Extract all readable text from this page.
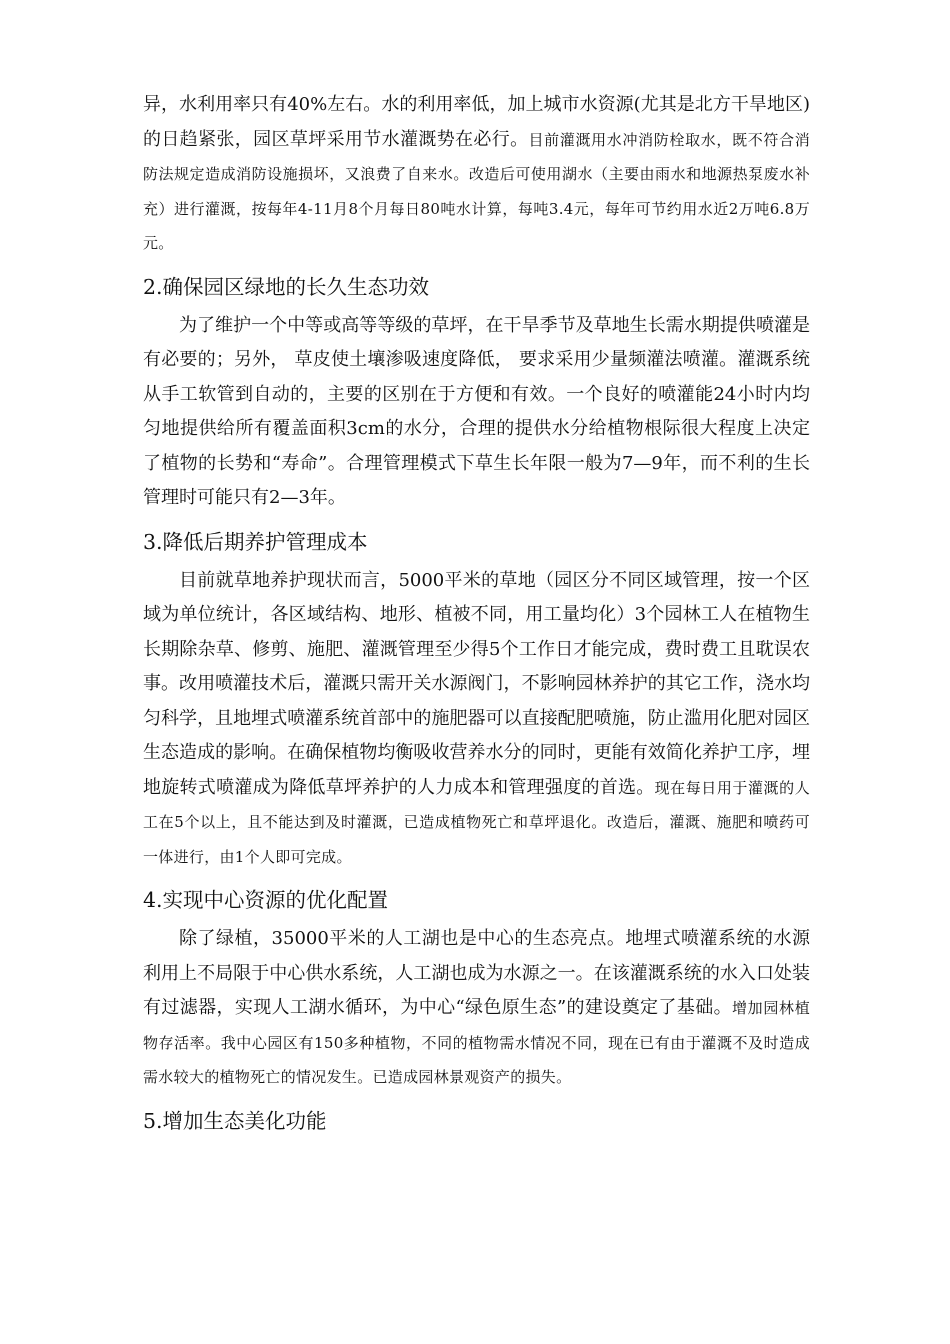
异，水利用率只有40%左右。水的利用率低，加上城市水资源(尤其是北方干旱地区) 的日趋紧张，园区草坪采用节水灌溉势在必行。目前灌溉用水冲消防栓取水，既不符合消防法规定造成消防设施损坏，又浪费了自来水。改造后可使用湖水（主要由雨水和地源热泵废水补充）进行灌溉，按每年4-11月8个月每日80吨水计算，每吨3.4元，每年可节约用水近2万吨6.8万元。

2.确保园区绿地的长久生态功效

为了维护一个中等或高等等级的草坪，在干旱季节及草地生长需水期提供喷灌是有必要的；另外， 草皮使土壤渗吸速度降低， 要求采用少量频灌法喷灌。灌溉系统从手工软管到自动的，主要的区别在于方便和有效。一个良好的喷灌能24小时内均匀地提供给所有覆盖面积3cm的水分，合理的提供水分给植物根际很大程度上决定了植物的长势和“寿命”。合理管理模式下草生长年限一般为7—9年，而不利的生长管理时可能只有2—3年。

3.降低后期养护管理成本

目前就草地养护现状而言，5000平米的草地（园区分不同区域管理，按一个区域为单位统计，各区域结构、地形、植被不同，用工量均化）3个园林工人在植物生长期除杂草、修剪、施肥、灌溉管理至少得5个工作日才能完成，费时费工且耽误农事。改用喷灌技术后，灌溉只需开关水源阀门，不影响园林养护的其它工作，浇水均匀科学，且地埋式喷灌系统首部中的施肥器可以直接配肥喷施，防止滥用化肥对园区生态造成的影响。在确保植物均衡吸收营养水分的同时，更能有效简化养护工序，埋地旋转式喷灌成为降低草坪养护的人力成本和管理强度的首选。现在每日用于灌溉的人工在5个以上，且不能达到及时灌溉，已造成植物死亡和草坪退化。改造后，灌溉、施肥和喷药可一体进行，由1个人即可完成。

4.实现中心资源的优化配置

除了绿植，35000平米的人工湖也是中心的生态亮点。地埋式喷灌系统的水源利用上不局限于中心供水系统，人工湖也成为水源之一。在该灌溉系统的水入口处装有过滤器，实现人工湖水循环，为中心“绿色原生态”的建设奠定了基础。增加园林植物存活率。我中心园区有150多种植物，不同的植物需水情况不同，现在已有由于灌溉不及时造成需水较大的植物死亡的情况发生。已造成园林景观资产的损失。

5.增加生态美化功能
